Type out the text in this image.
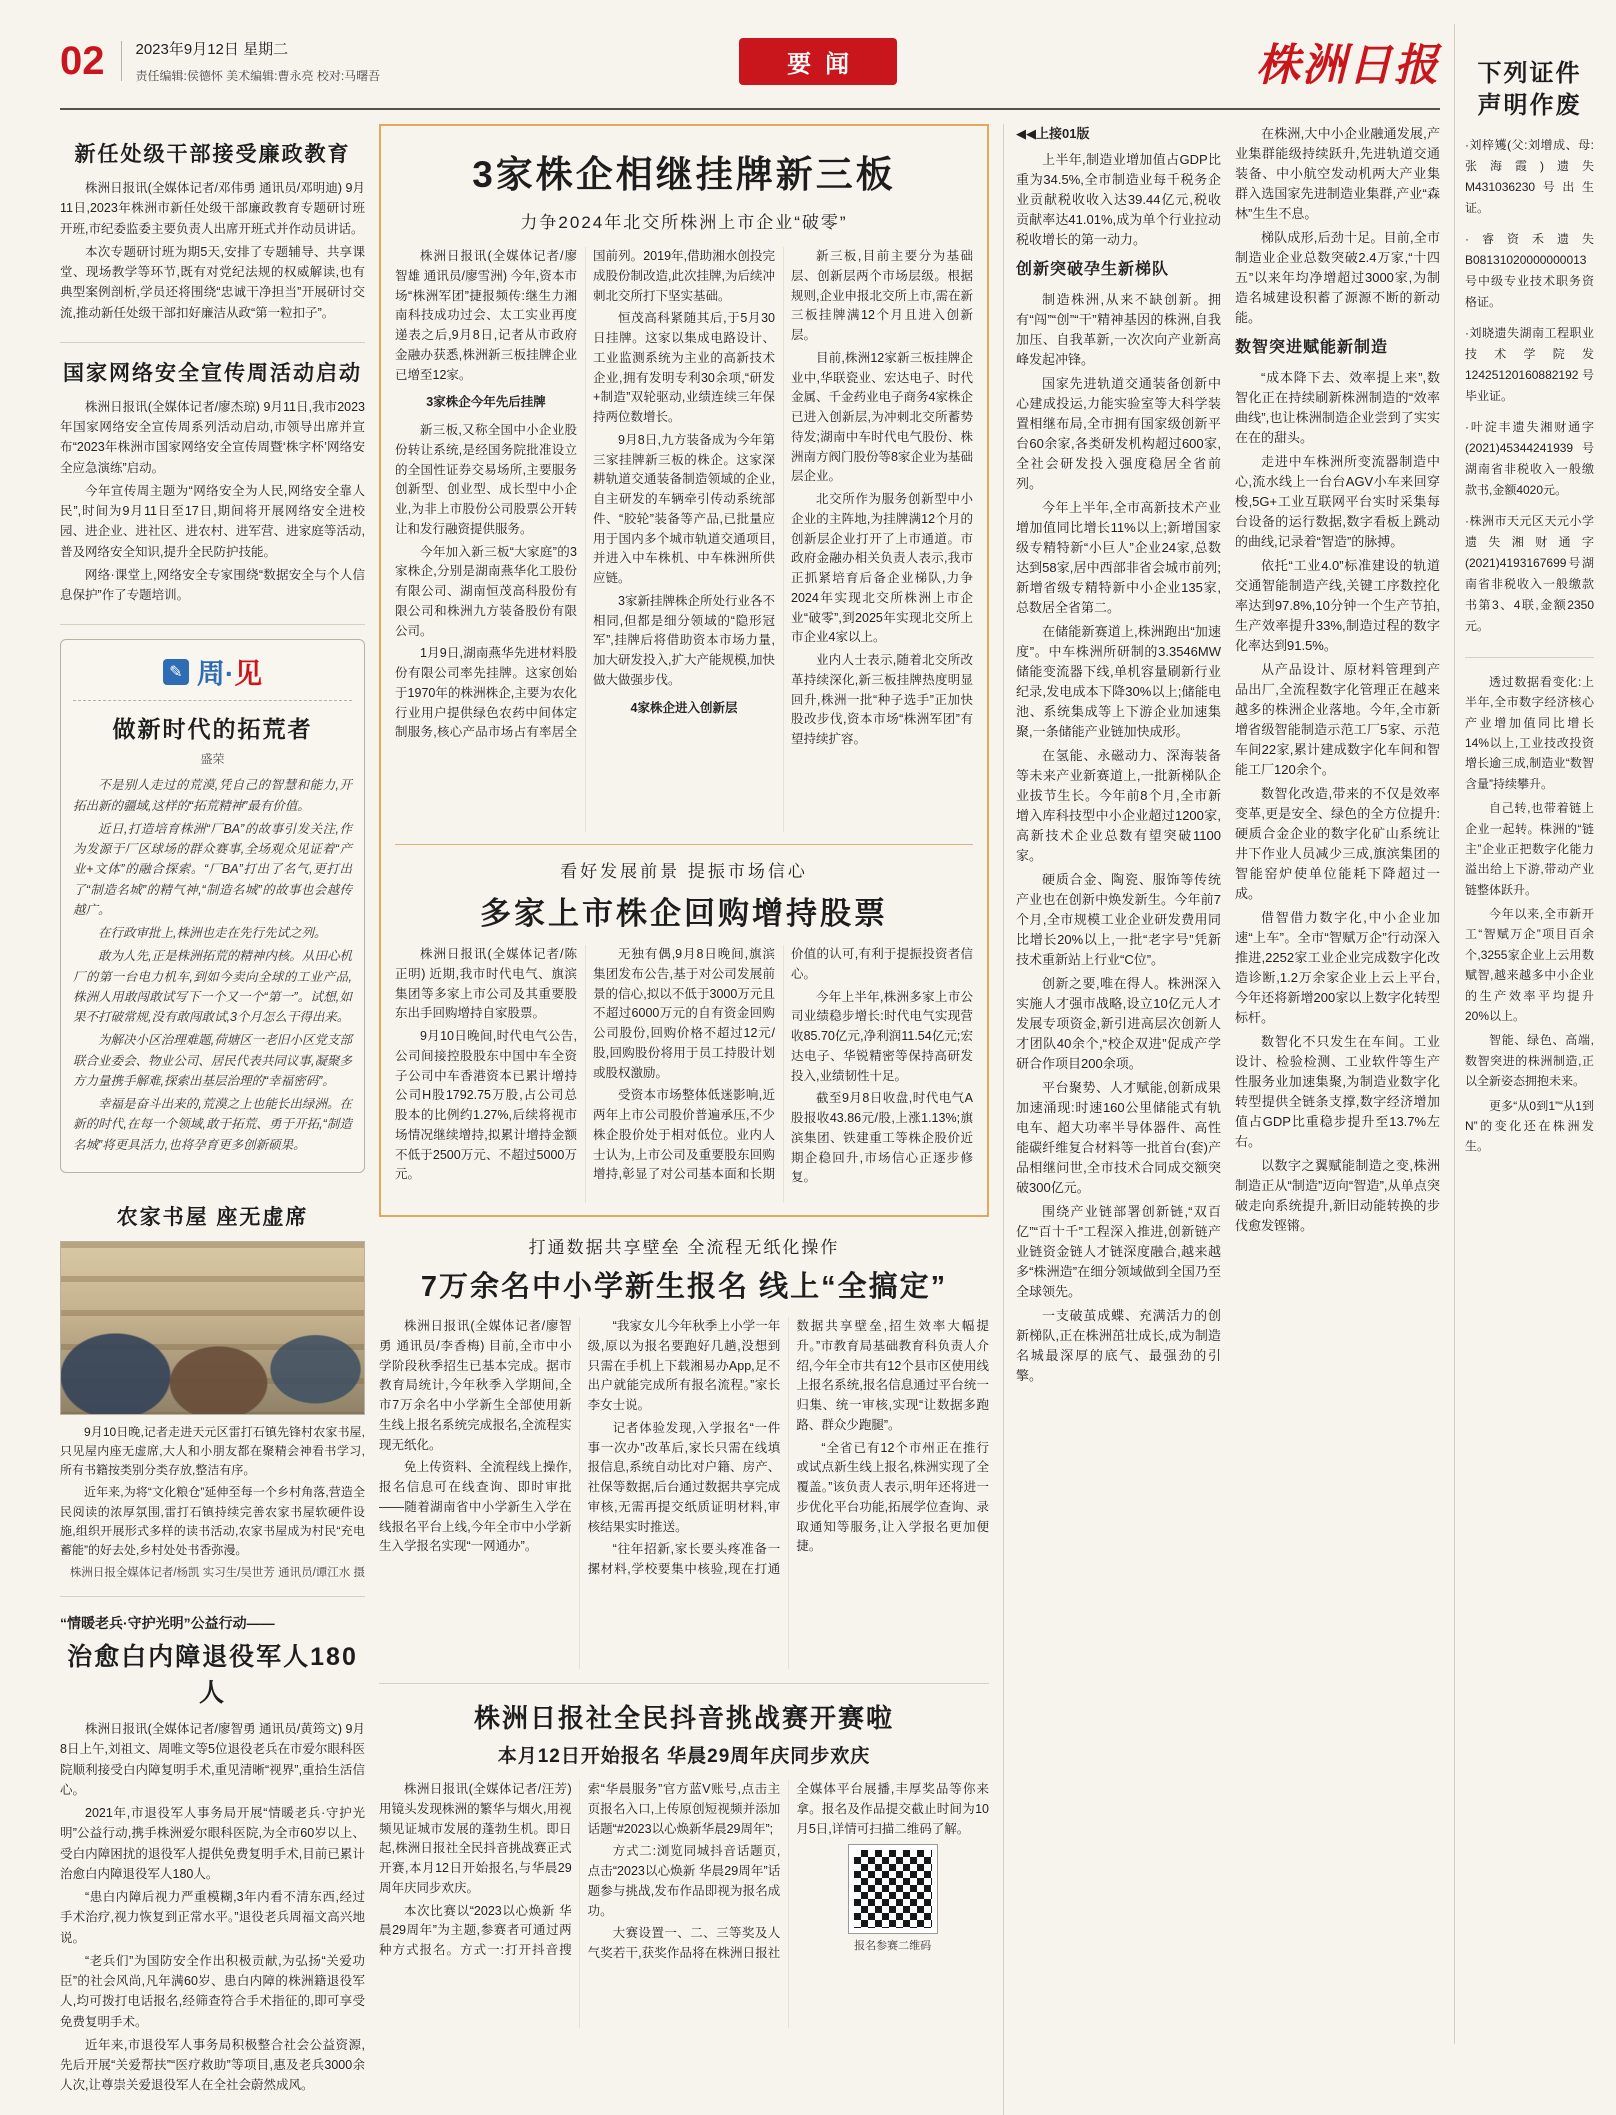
02	2023年9月12日 星期二
责任编辑:侯德怀 美术编辑:曹永亮 校对:马曙吾	要闻	株洲日报
新任处级干部接受廉政教育

株洲日报讯(全媒体记者/邓伟勇 通讯员/邓明迪) 9月11日,2023年株洲市新任处级干部廉政教育专题研讨班开班,市纪委监委主要负责人出席开班式并作动员讲话。

本次专题研讨班为期5天,安排了专题辅导、共享课堂、现场教学等环节,既有对党纪法规的权威解读,也有典型案例剖析,学员还将围绕“忠诚干净担当”开展研讨交流,推动新任处级干部扣好廉洁从政“第一粒扣子”。

国家网络安全宣传周活动启动

株洲日报讯(全媒体记者/廖杰琼) 9月11日,我市2023年国家网络安全宣传周系列活动启动,市领导出席并宣布“2023年株洲市国家网络安全宣传周暨‘株字杯’网络安全应急演练”启动。

今年宣传周主题为“网络安全为人民,网络安全靠人民”,时间为9月11日至17日,期间将开展网络安全进校园、进企业、进社区、进农村、进军营、进家庭等活动,普及网络安全知识,提升全民防护技能。

网络·课堂上,网络安全专家围绕“数据安全与个人信息保护”作了专题培训。

✎ 周·见
做新时代的拓荒者
盛荣

不是别人走过的荒漠,凭自己的智慧和能力,开拓出新的疆域,这样的“拓荒精神”最有价值。

近日,打造培育株洲“厂BA”的故事引发关注,作为发源于厂区球场的群众赛事,全场观众见证着“产业+文体”的融合探索。“厂BA”打出了名气,更打出了“制造名城”的精气神,“制造名城”的故事也会越传越广。

在行政审批上,株洲也走在先行先试之列。

敢为人先,正是株洲拓荒的精神内核。从田心机厂的第一台电力机车,到如今卖向全球的工业产品,株洲人用敢闯敢试写下一个又一个“第一”。试想,如果不打破常规,没有敢闯敢试,3个月怎么干得出来。

为解决小区治理难题,荷塘区一老旧小区党支部联合业委会、物业公司、居民代表共同议事,凝聚多方力量携手解难,探索出基层治理的“幸福密码”。

幸福是奋斗出来的,荒漠之上也能长出绿洲。在新的时代,在每一个领域,敢于拓荒、勇于开拓,“制造名城”将更具活力,也将孕育更多创新硕果。

农家书屋 座无虚席

9月10日晚,记者走进天元区雷打石镇先锋村农家书屋,只见屋内座无虚席,大人和小朋友都在聚精会神看书学习,所有书籍按类别分类存放,整洁有序。

近年来,为将“文化粮仓”延伸至每一个乡村角落,营造全民阅读的浓厚氛围,雷打石镇持续完善农家书屋软硬件设施,组织开展形式多样的读书活动,农家书屋成为村民“充电蓄能”的好去处,乡村处处书香弥漫。

株洲日报全媒体记者/杨凯 实习生/吴世芳 通讯员/谭江水 摄
“情暖老兵·守护光明”公益行动——
治愈白内障退役军人180人

株洲日报讯(全媒体记者/廖智勇 通讯员/黄筠文) 9月8日上午,刘祖文、周唯文等5位退役老兵在市爱尔眼科医院顺利接受白内障复明手术,重见清晰“视界”,重拾生活信心。

2021年,市退役军人事务局开展“情暖老兵·守护光明”公益行动,携手株洲爱尔眼科医院,为全市60岁以上、受白内障困扰的退役军人提供免费复明手术,目前已累计治愈白内障退役军人180人。

“患白内障后视力严重模糊,3年内看不清东西,经过手术治疗,视力恢复到正常水平。”退役老兵周福文高兴地说。

“老兵们”为国防安全作出积极贡献,为弘扬“关爱功臣”的社会风尚,凡年满60岁、患白内障的株洲籍退役军人,均可拨打电话报名,经筛查符合手术指征的,即可享受免费复明手术。

近年来,市退役军人事务局积极整合社会公益资源,先后开展“关爱帮扶”“医疗救助”等项目,惠及老兵3000余人次,让尊崇关爱退役军人在全社会蔚然成风。

3家株企相继挂牌新三板
力争2024年北交所株洲上市企业“破零”

株洲日报讯(全媒体记者/廖智雄 通讯员/廖雪洲) 今年,资本市场“株洲军团”捷报频传:继生力湘南科技成功过会、太工实业再度递表之后,9月8日,记者从市政府金融办获悉,株洲新三板挂牌企业已增至12家。

3家株企今年先后挂牌

新三板,又称全国中小企业股份转让系统,是经国务院批准设立的全国性证券交易场所,主要服务创新型、创业型、成长型中小企业,为非上市股份公司股票公开转让和发行融资提供服务。

今年加入新三板“大家庭”的3家株企,分别是湖南燕华化工股份有限公司、湖南恒茂高科股份有限公司和株洲九方装备股份有限公司。

1月9日,湖南燕华先进材料股份有限公司率先挂牌。这家创始于1970年的株洲株企,主要为农化行业用户提供绿色农药中间体定制服务,核心产品市场占有率居全国前列。2019年,借助湘水创投完成股份制改造,此次挂牌,为后续冲刺北交所打下坚实基础。

恒茂高科紧随其后,于5月30日挂牌。这家以集成电路设计、工业监测系统为主业的高新技术企业,拥有发明专利30余项,“研发+制造”双轮驱动,业绩连续三年保持两位数增长。

9月8日,九方装备成为今年第三家挂牌新三板的株企。这家深耕轨道交通装备制造领域的企业,自主研发的车辆牵引传动系统部件、“胶轮”装备等产品,已批量应用于国内多个城市轨道交通项目,并进入中车株机、中车株洲所供应链。

3家新挂牌株企所处行业各不相同,但都是细分领域的“隐形冠军”,挂牌后将借助资本市场力量,加大研发投入,扩大产能规模,加快做大做强步伐。

4家株企进入创新层

新三板,目前主要分为基础层、创新层两个市场层级。根据规则,企业申报北交所上市,需在新三板挂牌满12个月且进入创新层。

目前,株洲12家新三板挂牌企业中,华联瓷业、宏达电子、时代金属、千金药业电子商务4家株企已进入创新层,为冲刺北交所蓄势待发;湖南中车时代电气股份、株洲南方阀门股份等8家企业为基础层企业。

北交所作为服务创新型中小企业的主阵地,为挂牌满12个月的创新层企业打开了上市通道。市政府金融办相关负责人表示,我市正抓紧培育后备企业梯队,力争2024年实现北交所株洲上市企业“破零”,到2025年实现北交所上市企业4家以上。

业内人士表示,随着北交所改革持续深化,新三板挂牌热度明显回升,株洲一批“种子选手”正加快股改步伐,资本市场“株洲军团”有望持续扩容。

看好发展前景 提振市场信心
多家上市株企回购增持股票

株洲日报讯(全媒体记者/陈正明) 近期,我市时代电气、旗滨集团等多家上市公司及其重要股东出手回购增持自家股票。

9月10日晚间,时代电气公告,公司间接控股股东中国中车全资子公司中车香港资本已累计增持公司H股1792.75万股,占公司总股本的比例约1.27%,后续将视市场情况继续增持,拟累计增持金额不低于2500万元、不超过5000万元。

无独有偶,9月8日晚间,旗滨集团发布公告,基于对公司发展前景的信心,拟以不低于3000万元且不超过6000万元的自有资金回购公司股份,回购价格不超过12元/股,回购股份将用于员工持股计划或股权激励。

受资本市场整体低迷影响,近两年上市公司股价普遍承压,不少株企股价处于相对低位。业内人士认为,上市公司及重要股东回购增持,彰显了对公司基本面和长期价值的认可,有利于提振投资者信心。

今年上半年,株洲多家上市公司业绩稳步增长:时代电气实现营收85.70亿元,净利润11.54亿元;宏达电子、华锐精密等保持高研发投入,业绩韧性十足。

截至9月8日收盘,时代电气A股报收43.86元/股,上涨1.13%;旗滨集团、铁建重工等株企股价近期企稳回升,市场信心正逐步修复。

打通数据共享壁垒 全流程无纸化操作
7万余名中小学新生报名 线上“全搞定”

株洲日报讯(全媒体记者/廖智勇 通讯员/李香梅) 目前,全市中小学阶段秋季招生已基本完成。据市教育局统计,今年秋季入学期间,全市7万余名中小学新生全部使用新生线上报名系统完成报名,全流程实现无纸化。

免上传资料、全流程线上操作,报名信息可在线查询、即时审批——随着湖南省中小学新生入学在线报名平台上线,今年全市中小学新生入学报名实现“一网通办”。

“我家女儿今年秋季上小学一年级,原以为报名要跑好几趟,没想到只需在手机上下载湘易办App,足不出户就能完成所有报名流程。”家长李女士说。

记者体验发现,入学报名“一件事一次办”改革后,家长只需在线填报信息,系统自动比对户籍、房产、社保等数据,后台通过数据共享完成审核,无需再提交纸质证明材料,审核结果实时推送。

“往年招新,家长要头疼准备一摞材料,学校要集中核验,现在打通数据共享壁垒,招生效率大幅提升。”市教育局基础教育科负责人介绍,今年全市共有12个县市区使用线上报名系统,报名信息通过平台统一归集、统一审核,实现“让数据多跑路、群众少跑腿”。

“全省已有12个市州正在推行或试点新生线上报名,株洲实现了全覆盖。”该负责人表示,明年还将进一步优化平台功能,拓展学位查询、录取通知等服务,让入学报名更加便捷。

株洲日报社全民抖音挑战赛开赛啦
本月12日开始报名 华晨29周年庆同步欢庆

株洲日报讯(全媒体记者/汪芳) 用镜头发现株洲的繁华与烟火,用视频见证城市发展的蓬勃生机。即日起,株洲日报社全民抖音挑战赛正式开赛,本月12日开始报名,与华晨29周年庆同步欢庆。

本次比赛以“2023以心焕新 华晨29周年”为主题,参赛者可通过两种方式报名。方式一:打开抖音搜索“华晨服务”官方蓝V账号,点击主页报名入口,上传原创短视频并添加话题“#2023以心焕新华晨29周年”;

方式二:浏览同城抖音话题页,点击“2023以心焕新 华晨29周年”话题参与挑战,发布作品即视为报名成功。

大赛设置一、二、三等奖及人气奖若干,获奖作品将在株洲日报社全媒体平台展播,丰厚奖品等你来拿。报名及作品提交截止时间为10月5日,详情可扫描二维码了解。

报名参赛二维码

◀◀上接01版

上半年,制造业增加值占GDP比重为34.5%,全市制造业每千税务企业贡献税收收入达39.44亿元,税收贡献率达41.01%,成为单个行业拉动税收增长的第一动力。

创新突破孕生新梯队

制造株洲,从来不缺创新。拥有“闯”“创”“干”精神基因的株洲,自我加压、自我革新,一次次向产业新高峰发起冲锋。

国家先进轨道交通装备创新中心建成投运,力能实验室等大科学装置相继布局,全市拥有国家级创新平台60余家,各类研发机构超过600家,全社会研发投入强度稳居全省前列。

今年上半年,全市高新技术产业增加值同比增长11%以上;新增国家级专精特新“小巨人”企业24家,总数达到58家,居中西部非省会城市前列;新增省级专精特新中小企业135家,总数居全省第二。

在储能新赛道上,株洲跑出“加速度”。中车株洲所研制的3.3546MW储能变流器下线,单机容量刷新行业纪录,发电成本下降30%以上;储能电池、系统集成等上下游企业加速集聚,一条储能产业链加快成形。

在氢能、永磁动力、深海装备等未来产业新赛道上,一批新梯队企业拔节生长。今年前8个月,全市新增入库科技型中小企业超过1200家,高新技术企业总数有望突破1100家。

硬质合金、陶瓷、服饰等传统产业也在创新中焕发新生。今年前7个月,全市规模工业企业研发费用同比增长20%以上,一批“老字号”凭新技术重新站上行业“C位”。

创新之要,唯在得人。株洲深入实施人才强市战略,设立10亿元人才发展专项资金,新引进高层次创新人才团队40余个,“校企双进”促成产学研合作项目200余项。

平台聚势、人才赋能,创新成果加速涌现:时速160公里储能式有轨电车、超大功率半导体器件、高性能碳纤维复合材料等一批首台(套)产品相继问世,全市技术合同成交额突破300亿元。

围绕产业链部署创新链,“双百亿”“百十千”工程深入推进,创新链产业链资金链人才链深度融合,越来越多“株洲造”在细分领域做到全国乃至全球领先。

一支破茧成蝶、充满活力的创新梯队,正在株洲茁壮成长,成为制造名城最深厚的底气、最强劲的引擎。

在株洲,大中小企业融通发展,产业集群能级持续跃升,先进轨道交通装备、中小航空发动机两大产业集群入选国家先进制造业集群,产业“森林”生生不息。

梯队成形,后劲十足。目前,全市制造业企业总数突破2.4万家,“十四五”以来年均净增超过3000家,为制造名城建设积蓄了源源不断的新动能。

数智突进赋能新制造

“成本降下去、效率提上来”,数智化正在持续刷新株洲制造的“效率曲线”,也让株洲制造企业尝到了实实在在的甜头。

走进中车株洲所变流器制造中心,流水线上一台台AGV小车来回穿梭,5G+工业互联网平台实时采集每台设备的运行数据,数字看板上跳动的曲线,记录着“智造”的脉搏。

依托“工业4.0”标准建设的轨道交通智能制造产线,关键工序数控化率达到97.8%,10分钟一个生产节拍,生产效率提升33%,制造过程的数字化率达到91.5%。

从产品设计、原材料管理到产品出厂,全流程数字化管理正在越来越多的株洲企业落地。今年,全市新增省级智能制造示范工厂5家、示范车间22家,累计建成数字化车间和智能工厂120余个。

数智化改造,带来的不仅是效率变革,更是安全、绿色的全方位提升:硬质合金企业的数字化矿山系统让井下作业人员减少三成,旗滨集团的智能窑炉使单位能耗下降超过一成。

借智借力数字化,中小企业加速“上车”。全市“智赋万企”行动深入推进,2252家工业企业完成数字化改造诊断,1.2万余家企业上云上平台,今年还将新增200家以上数字化转型标杆。

数智化不只发生在车间。工业设计、检验检测、工业软件等生产性服务业加速集聚,为制造业数字化转型提供全链条支撑,数字经济增加值占GDP比重稳步提升至13.7%左右。

以数字之翼赋能制造之变,株洲制造正从“制造”迈向“智造”,从单点突破走向系统提升,新旧动能转换的步伐愈发铿锵。

下列证件
声明作废
·刘梓矱(父:刘增成、母:张海霞)遗失M431036230号出生证。
·睿资禾遗失B08131020000000013号中级专业技术职务资格证。
·刘晓遗失湖南工程职业技术学院发12425120160882192号毕业证。
·叶淀丰遗失湘财通字(2021)45344241939号湖南省非税收入一般缴款书,金额4020元。
·株洲市天元区天元小学遗失湘财通字(2021)4193167699号湖南省非税收入一般缴款书第3、4联,金额2350元。

透过数据看变化:上半年,全市数字经济核心产业增加值同比增长14%以上,工业技改投资增长逾三成,制造业“数智含量”持续攀升。

自己转,也带着链上企业一起转。株洲的“链主”企业正把数字化能力溢出给上下游,带动产业链整体跃升。

今年以来,全市新开工“智赋万企”项目百余个,3255家企业上云用数赋智,越来越多中小企业的生产效率平均提升20%以上。

智能、绿色、高端,数智突进的株洲制造,正以全新姿态拥抱未来。

更多“从0到1”“从1到N”的变化还在株洲发生。
